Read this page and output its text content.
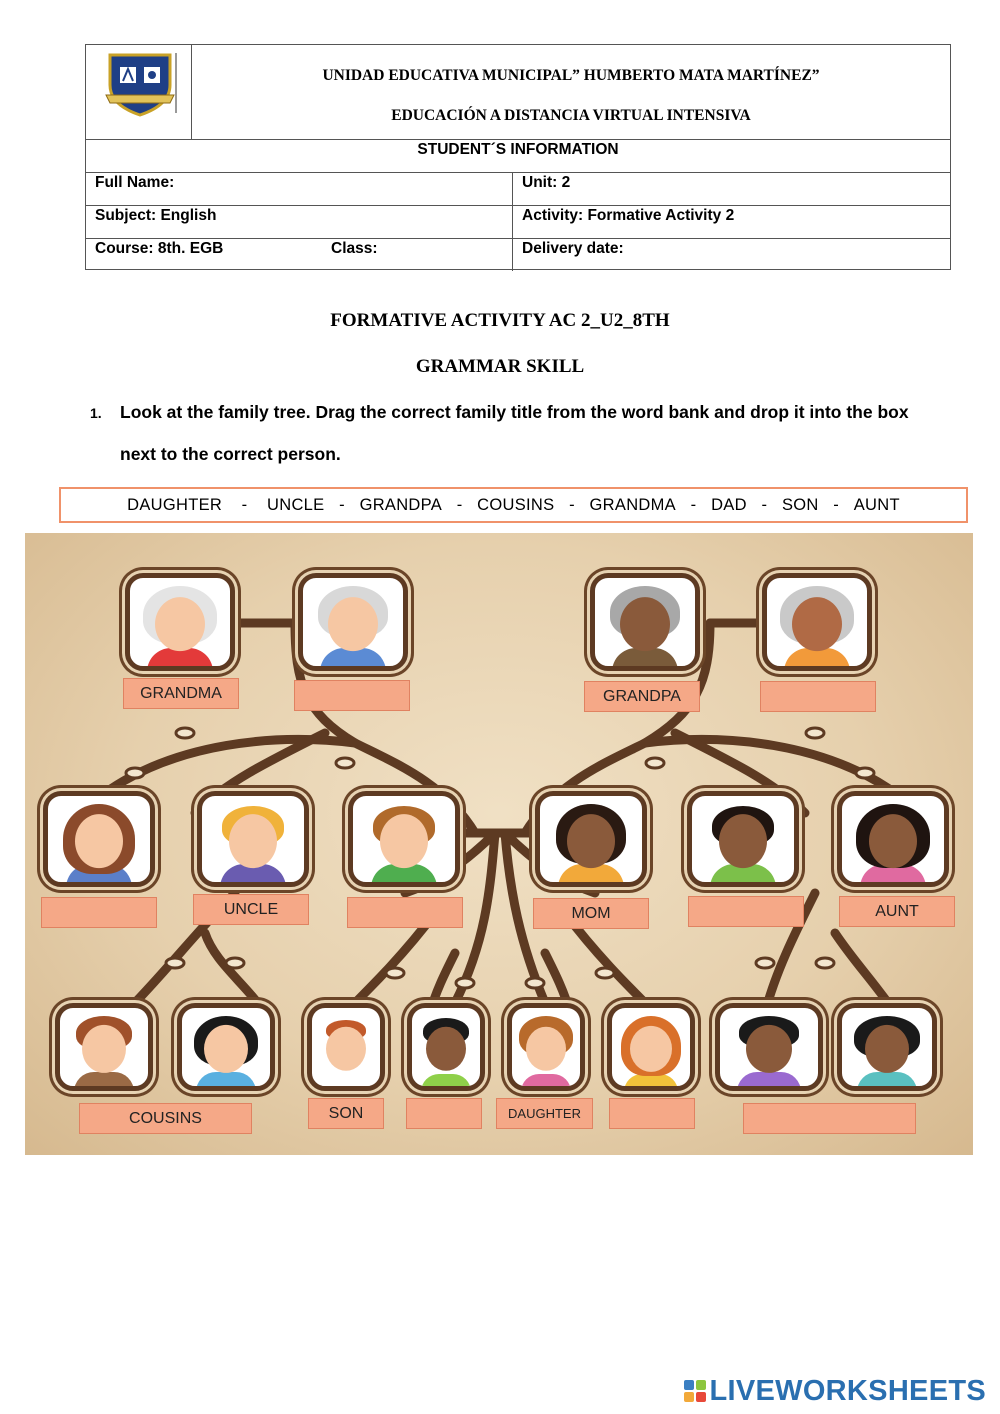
UNIDAD EDUCATIVA MUNICIPAL” HUMBERTO MATA MARTÍNEZ”
EDUCACIÓN A DISTANCIA VIRTUAL INTENSIVA
STUDENT´S INFORMATION
Full Name:	Unit: 2
Subject: English	Activity: Formative Activity 2
Course: 8th. EGB	Class:	Delivery date:
FORMATIVE ACTIVITY AC 2_U2_8TH
GRAMMAR SKILL
1. Look at the family tree. Drag the correct family title from the word bank and drop it into the box
next to the correct person.
DAUGHTER - UNCLE - GRANDPA - COUSINS - GRANDMA - DAD - SON - AUNT
GRANDMA	GRANDPA
UNCLE	MOM	AUNT
COUSINS	SON	DAUGHTER
LIVEWORKSHEETS
